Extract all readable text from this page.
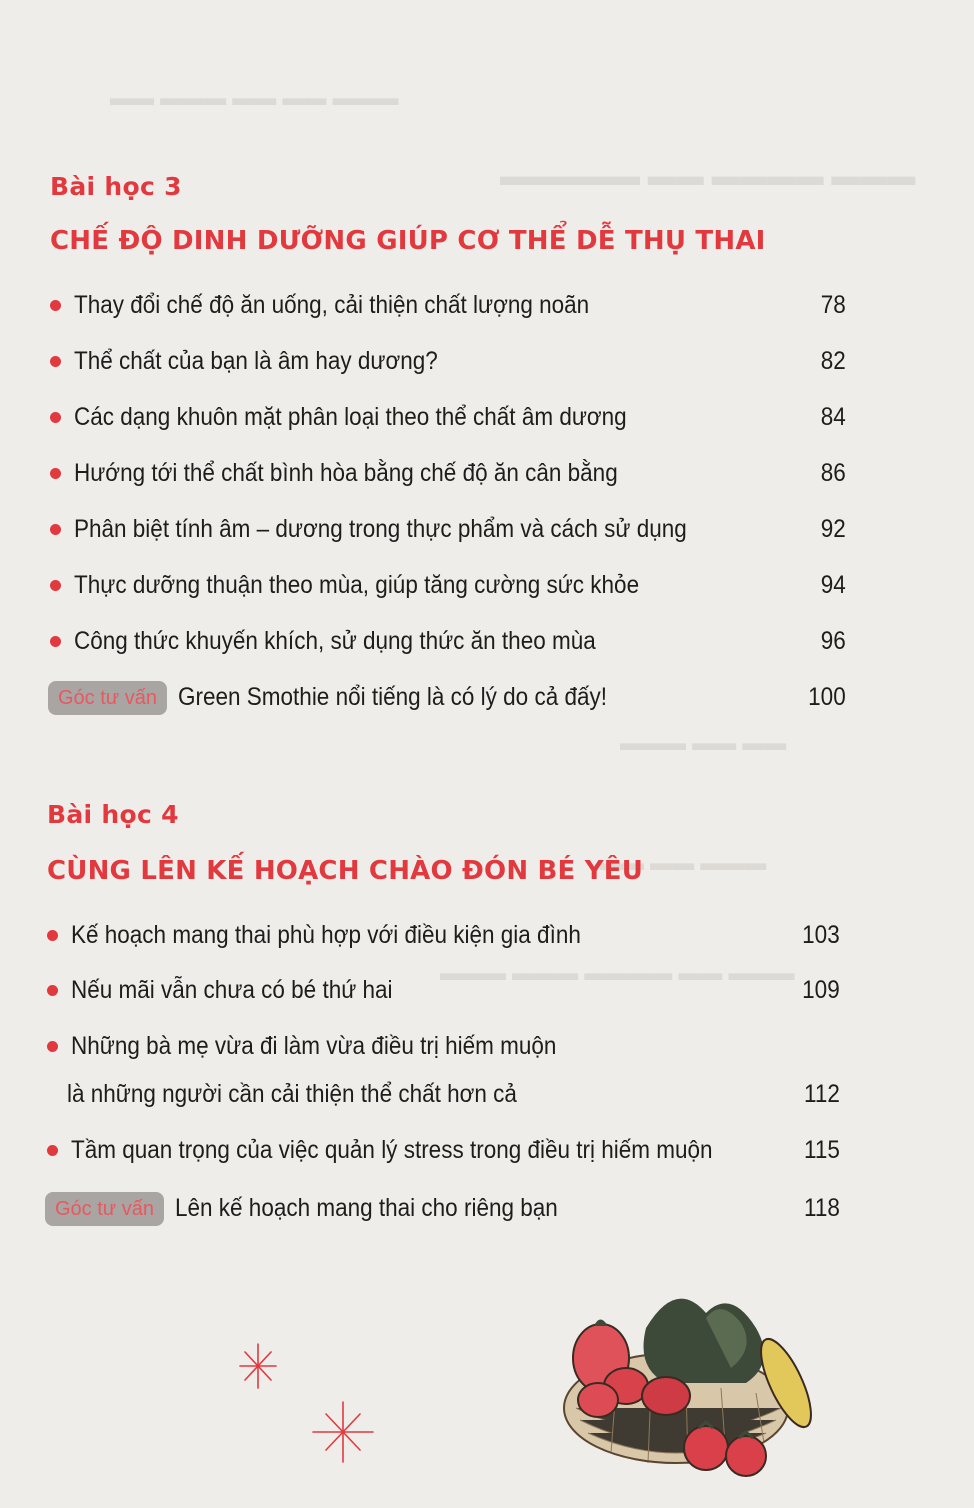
▬▬▬ ▬▬ ▬▬ ▬▬▬ ▬▬
▬▬▬ ▬▬▬▬ ▬▬ ▬▬▬▬▬
▬▬ ▬▬ ▬▬▬
▬▬▬ ▬▬ ▬▬
▬▬▬ ▬▬ ▬▬▬▬ ▬▬▬ ▬▬▬
Bài học 3
CHẾ ĐỘ DINH DƯỠNG GIÚP CƠ THỂ DỄ THỤ THAI
Thay đổi chế độ ăn uống, cải thiện chất lượng noãn	78
Thể chất của bạn là âm hay dương?	82
Các dạng khuôn mặt phân loại theo thể chất âm dương	84
Hướng tới thể chất bình hòa bằng chế độ ăn cân bằng	86
Phân biệt tính âm – dương trong thực phẩm và cách sử dụng	92
Thực dưỡng thuận theo mùa, giúp tăng cường sức khỏe	94
Công thức khuyến khích, sử dụng thức ăn theo mùa	96
Góc tư vấn Green Smothie nổi tiếng là có lý do cả đấy!	100
Bài học 4
CÙNG LÊN KẾ HOẠCH CHÀO ĐÓN BÉ YÊU
Kế hoạch mang thai phù hợp với điều kiện gia đình	103
Nếu mãi vẫn chưa có bé thứ hai	109
Những bà mẹ vừa đi làm vừa điều trị hiếm muộn
là những người cần cải thiện thể chất hơn cả	112
Tầm quan trọng của việc quản lý stress trong điều trị hiếm muộn	115
Góc tư vấn Lên kế hoạch mang thai cho riêng bạn	118
